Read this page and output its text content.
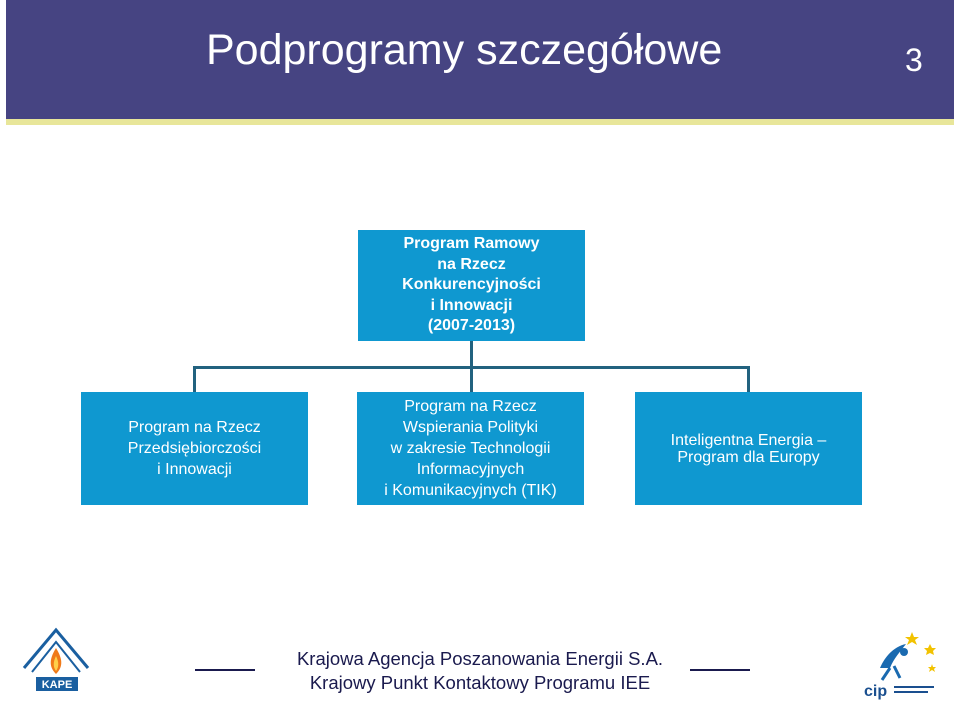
Podprogramy szczegółowe	3
Program Ramowy
na Rzecz
Konkurencyjności
i Innowacji
(2007-2013)
Program na Rzecz
Przedsiębiorczości
i Innowacji
Program na Rzecz
Wspierania Polityki
w zakresie Technologii
Informacyjnych
i Komunikacyjnych (TIK)
Inteligentna Energia –
Program dla Europy
Krajowa Agencja Poszanowania Energii S.A.
Krajowy Punkt Kontaktowy Programu IEE
KAPE	cip
